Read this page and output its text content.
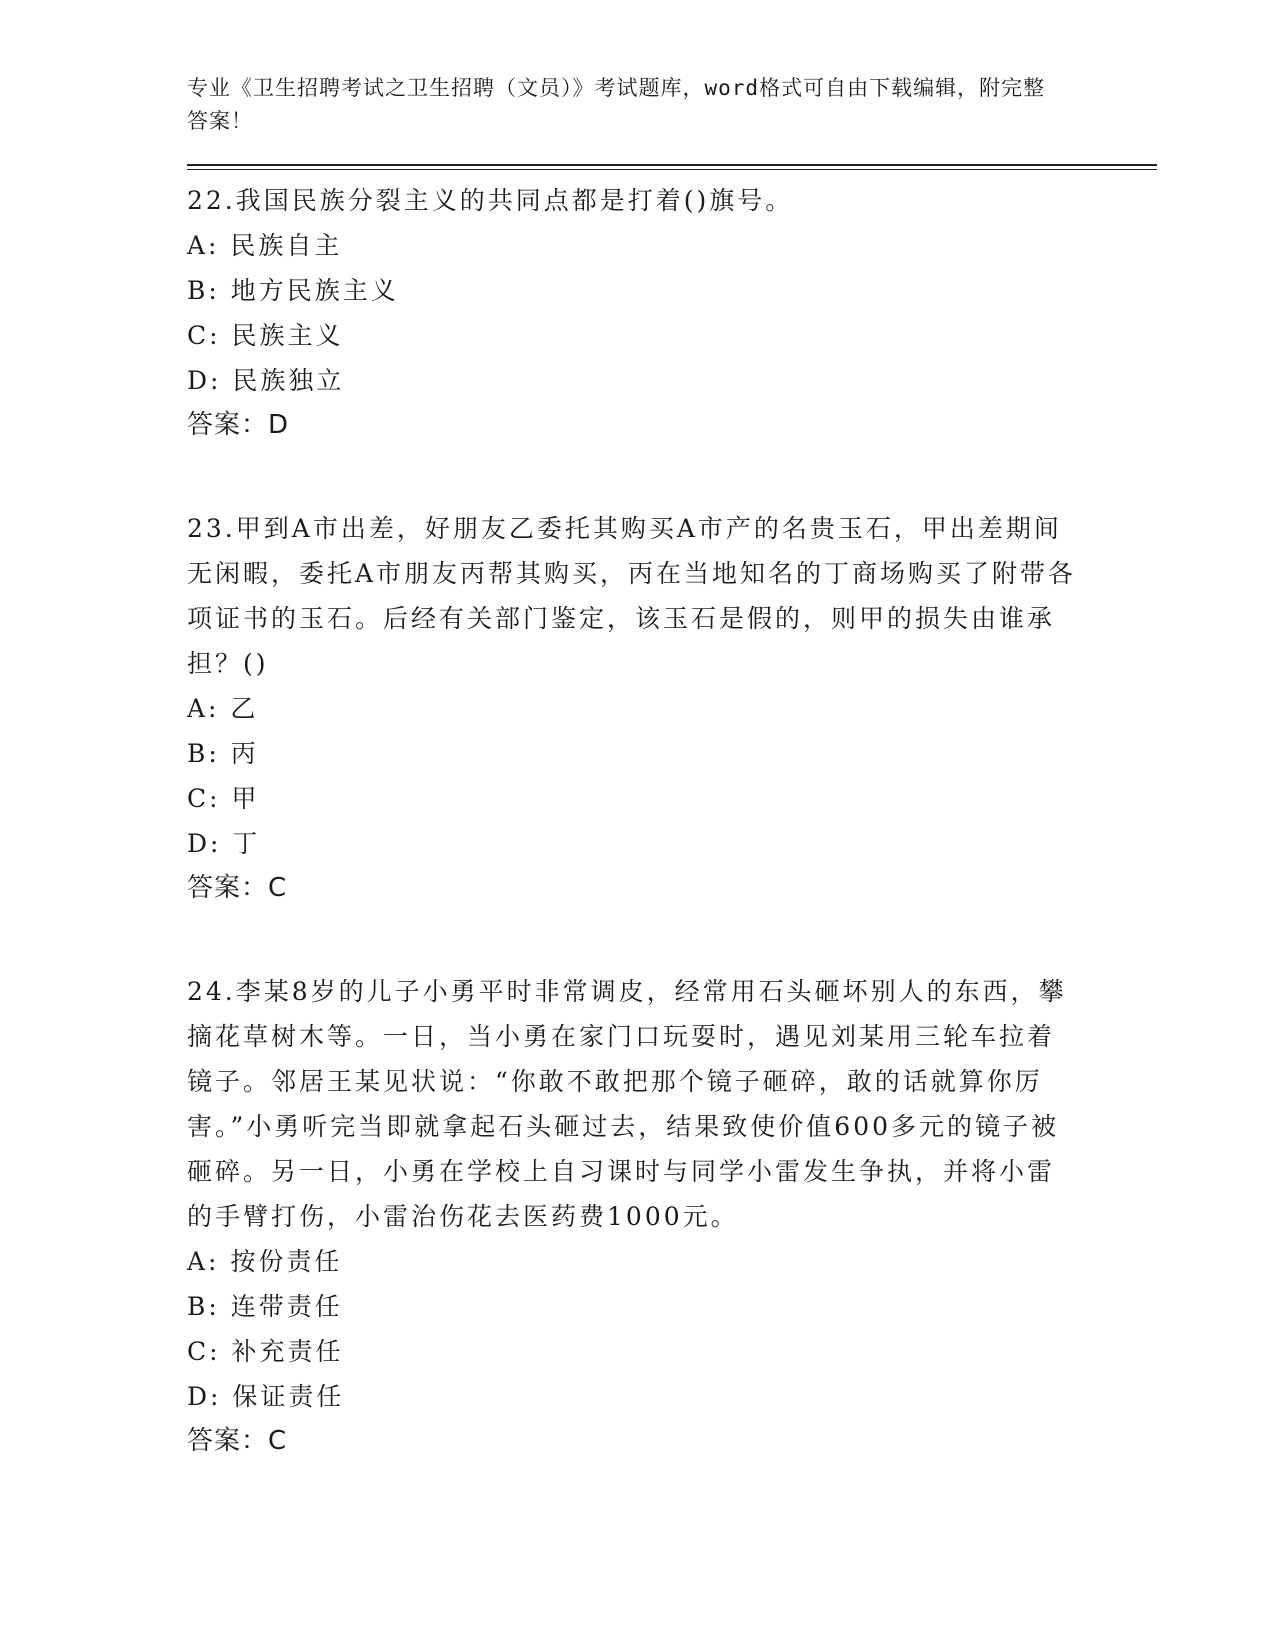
专业《卫生招聘考试之卫生招聘（文员）》考试题库，word格式可自由下载编辑，附完整答案！

22.我国民族分裂主义的共同点都是打着()旗号。

A: 民族自主

B: 地方民族主义

C: 民族主义

D: 民族独立

答案：D

23.甲到A市出差，好朋友乙委托其购买A市产的名贵玉石，甲出差期间无闲暇，委托A市朋友丙帮其购买，丙在当地知名的丁商场购买了附带各项证书的玉石。后经有关部门鉴定，该玉石是假的，则甲的损失由谁承担？()

A: 乙

B: 丙

C: 甲

D: 丁

答案：C

24.李某8岁的儿子小勇平时非常调皮，经常用石头砸坏别人的东西，攀摘花草树木等。一日，当小勇在家门口玩耍时，遇见刘某用三轮车拉着镜子。邻居王某见状说：“你敢不敢把那个镜子砸碎，敢的话就算你厉害。”小勇听完当即就拿起石头砸过去，结果致使价值600多元的镜子被砸碎。另一日，小勇在学校上自习课时与同学小雷发生争执，并将小雷的手臂打伤，小雷治伤花去医药费1000元。

A: 按份责任

B: 连带责任

C: 补充责任

D: 保证责任

答案：C
